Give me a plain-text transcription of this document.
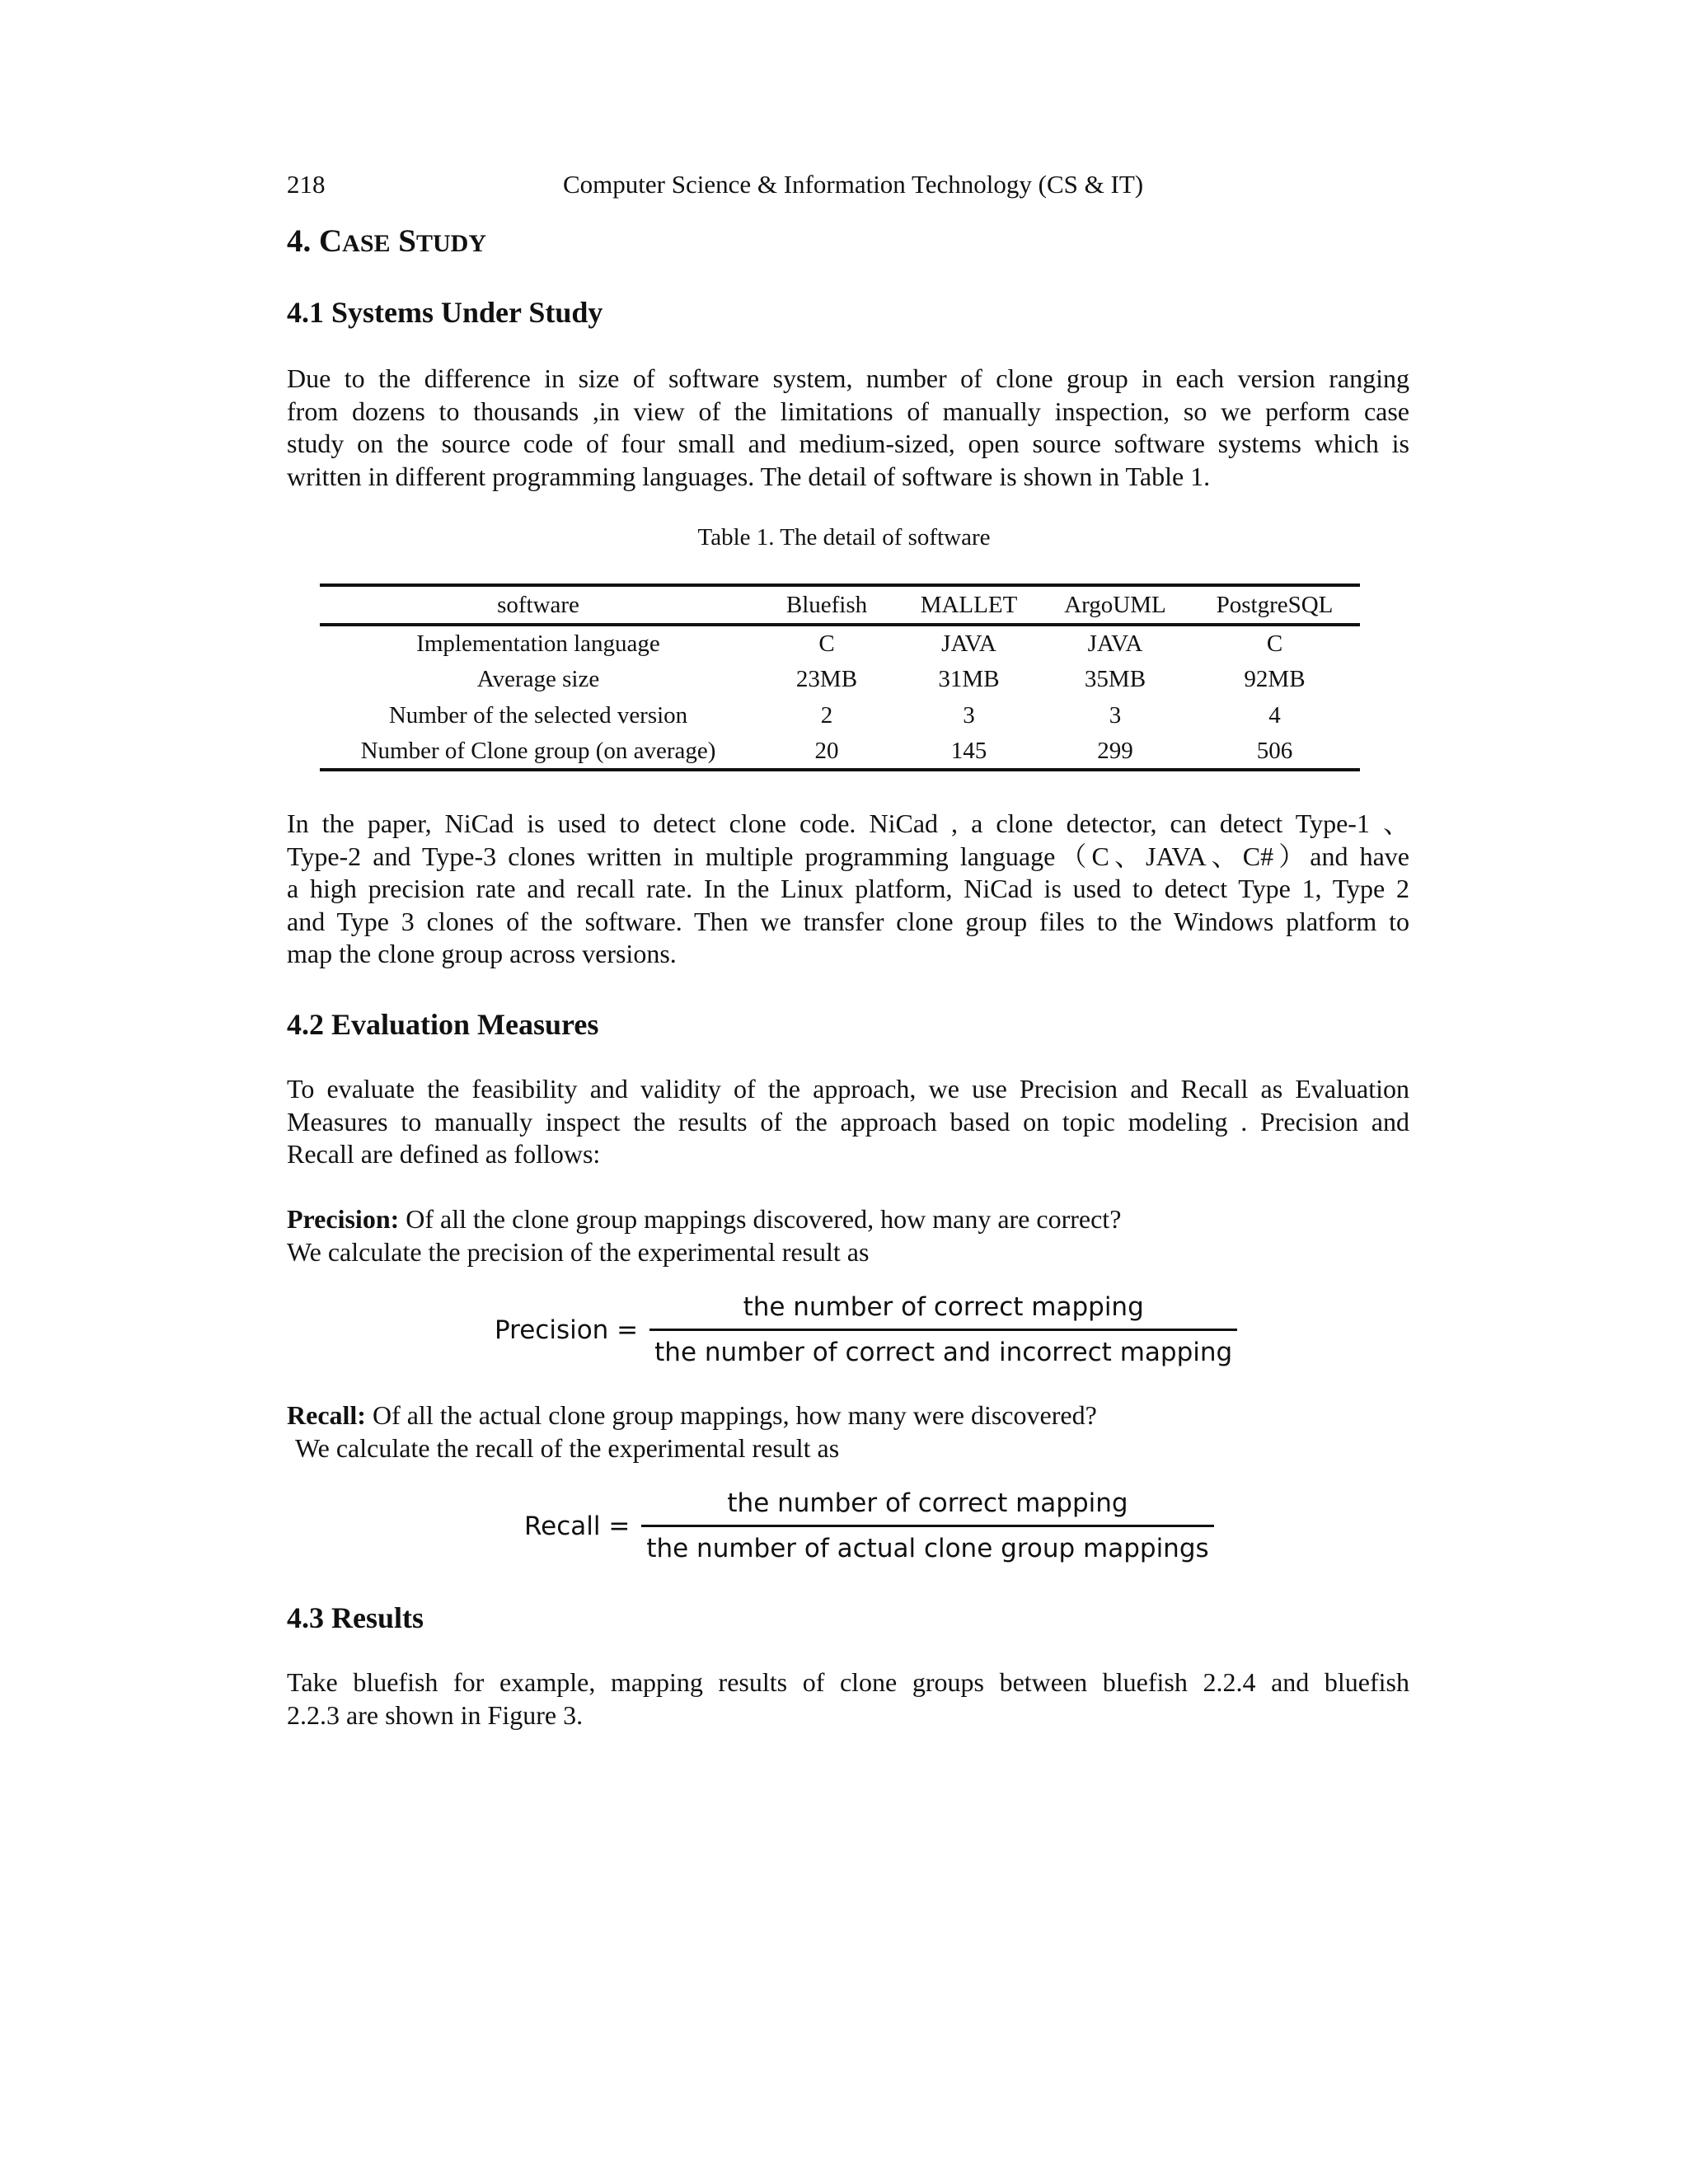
218	Computer Science & Information Technology (CS & IT)
4. CASE STUDY
4.1 Systems Under Study
Due to the difference in size of software system, number of clone group in each version ranging
from dozens to thousands ,in view of the limitations of manually inspection, so we perform case
study on the source code of four small and medium-sized, open source software systems which is
written in different programming languages. The detail of software is shown in Table 1.
Table 1. The detail of software
software	Bluefish	MALLET	ArgoUML	PostgreSQL
Implementation language	C	JAVA	JAVA	C
Average size	23MB	31MB	35MB	92MB
Number of the selected version	2	3	3	4
Number of Clone group (on average)	20	145	299	506
In the paper, NiCad is used to detect clone code. NiCad , a clone detector, can detect Type-1 、
Type-2 and Type-3 clones written in multiple programming language（C、JAVA、C#）and have
a high precision rate and recall rate. In the Linux platform, NiCad is used to detect Type 1, Type 2
and Type 3 clones of the software. Then we transfer clone group files to the Windows platform to
map the clone group across versions.
4.2 Evaluation Measures
To evaluate the feasibility and validity of the approach, we use Precision and Recall as Evaluation
Measures to manually inspect the results of the approach based on topic modeling . Precision and
Recall are defined as follows:
Precision: Of all the clone group mappings discovered, how many are correct?
We calculate the precision of the experimental result as
Precision = $\frac{\text{the number of correct mapping}}{\text{the number of correct and incorrect mapping}}$
Recall: Of all the actual clone group mappings, how many were discovered?
We calculate the recall of the experimental result as
Recall = $\frac{\text{the number of correct mapping}}{\text{the number of actual clone group mappings}}$
4.3 Results
Take bluefish for example, mapping results of clone groups between bluefish 2.2.4 and bluefish
2.2.3 are shown in Figure 3.
